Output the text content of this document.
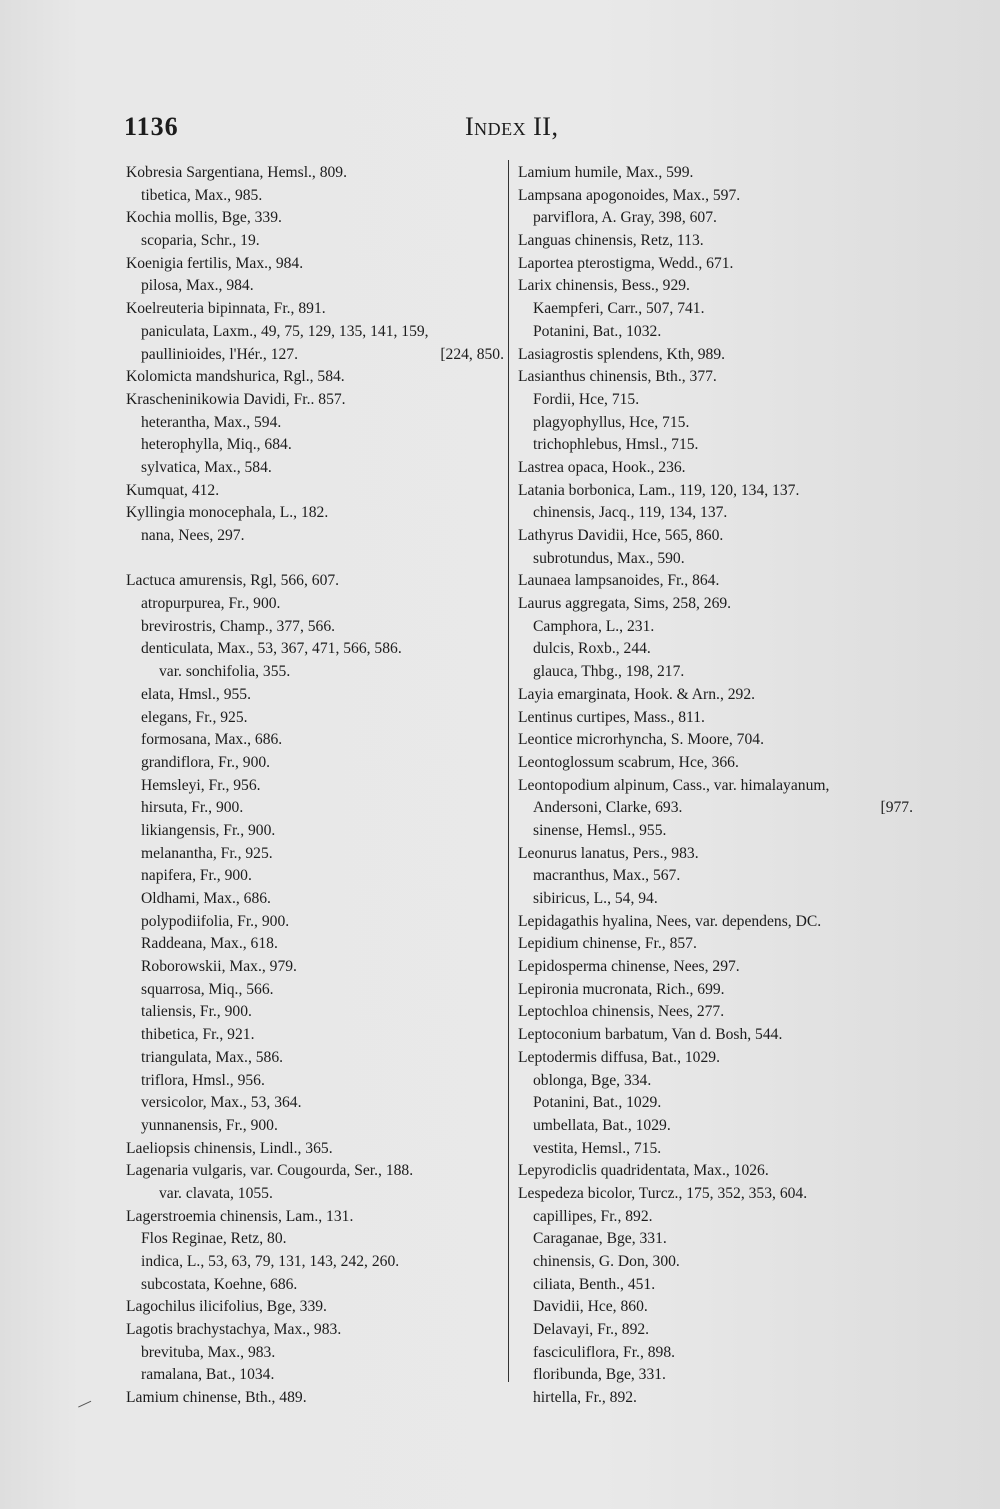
1136	Index II,
Kobresia Sargentiana, Hemsl., 809.
tibetica, Max., 985.
Kochia mollis, Bge, 339.
scoparia, Schr., 19.
Koenigia fertilis, Max., 984.
pilosa, Max., 984.
Koelreuteria bipinnata, Fr., 891.
paniculata, Laxm., 49, 75, 129, 135, 141, 159,
[224, 850.
paullinioides, l'Hér., 127.
Kolomicta mandshurica, Rgl., 584.
Krascheninikowia Davidi, Fr.. 857.
heterantha, Max., 594.
heterophylla, Miq., 684.
sylvatica, Max., 584.
Kumquat, 412.
Kyllingia monocephala, L., 182.
nana, Nees, 297.
Lactuca amurensis, Rgl, 566, 607.
atropurpurea, Fr., 900.
brevirostris, Champ., 377, 566.
denticulata, Max., 53, 367, 471, 566, 586.
var. sonchifolia, 355.
elata, Hmsl., 955.
elegans, Fr., 925.
formosana, Max., 686.
grandiflora, Fr., 900.
Hemsleyi, Fr., 956.
hirsuta, Fr., 900.
likiangensis, Fr., 900.
melanantha, Fr., 925.
napifera, Fr., 900.
Oldhami, Max., 686.
polypodiifolia, Fr., 900.
Raddeana, Max., 618.
Roborowskii, Max., 979.
squarrosa, Miq., 566.
taliensis, Fr., 900.
thibetica, Fr., 921.
triangulata, Max., 586.
triflora, Hmsl., 956.
versicolor, Max., 53, 364.
yunnanensis, Fr., 900.
Laeliopsis chinensis, Lindl., 365.
Lagenaria vulgaris, var. Cougourda, Ser., 188.
var. clavata, 1055.
Lagerstroemia chinensis, Lam., 131.
Flos Reginae, Retz, 80.
indica, L., 53, 63, 79, 131, 143, 242, 260.
subcostata, Koehne, 686.
Lagochilus ilicifolius, Bge, 339.
Lagotis brachystachya, Max., 983.
brevituba, Max., 983.
ramalana, Bat., 1034.
Lamium chinense, Bth., 489.
Lamium humile, Max., 599.
Lampsana apogonoides, Max., 597.
parviflora, A. Gray, 398, 607.
Languas chinensis, Retz, 113.
Laportea pterostigma, Wedd., 671.
Larix chinensis, Bess., 929.
Kaempferi, Carr., 507, 741.
Potanini, Bat., 1032.
Lasiagrostis splendens, Kth, 989.
Lasianthus chinensis, Bth., 377.
Fordii, Hce, 715.
plagyophyllus, Hce, 715.
trichophlebus, Hmsl., 715.
Lastrea opaca, Hook., 236.
Latania borbonica, Lam., 119, 120, 134, 137.
chinensis, Jacq., 119, 134, 137.
Lathyrus Davidii, Hce, 565, 860.
subrotundus, Max., 590.
Launaea lampsanoides, Fr., 864.
Laurus aggregata, Sims, 258, 269.
Camphora, L., 231.
dulcis, Roxb., 244.
glauca, Thbg., 198, 217.
Layia emarginata, Hook. & Arn., 292.
Lentinus curtipes, Mass., 811.
Leontice microrhyncha, S. Moore, 704.
Leontoglossum scabrum, Hce, 366.
Leontopodium alpinum, Cass., var. himalayanum,
[977.
Andersoni, Clarke, 693.
sinense, Hemsl., 955.
Leonurus lanatus, Pers., 983.
macranthus, Max., 567.
sibiricus, L., 54, 94.
Lepidagathis hyalina, Nees, var. dependens, DC.
Lepidium chinense, Fr., 857.
Lepidosperma chinense, Nees, 297.
Lepironia mucronata, Rich., 699.
Leptochloa chinensis, Nees, 277.
Leptoconium barbatum, Van d. Bosh, 544.
Leptodermis diffusa, Bat., 1029.
oblonga, Bge, 334.
Potanini, Bat., 1029.
umbellata, Bat., 1029.
vestita, Hemsl., 715.
Lepyrodiclis quadridentata, Max., 1026.
Lespedeza bicolor, Turcz., 175, 352, 353, 604.
capillipes, Fr., 892.
Caraganae, Bge, 331.
chinensis, G. Don, 300.
ciliata, Benth., 451.
Davidii, Hce, 860.
Delavayi, Fr., 892.
fasciculiflora, Fr., 898.
floribunda, Bge, 331.
hirtella, Fr., 892.
